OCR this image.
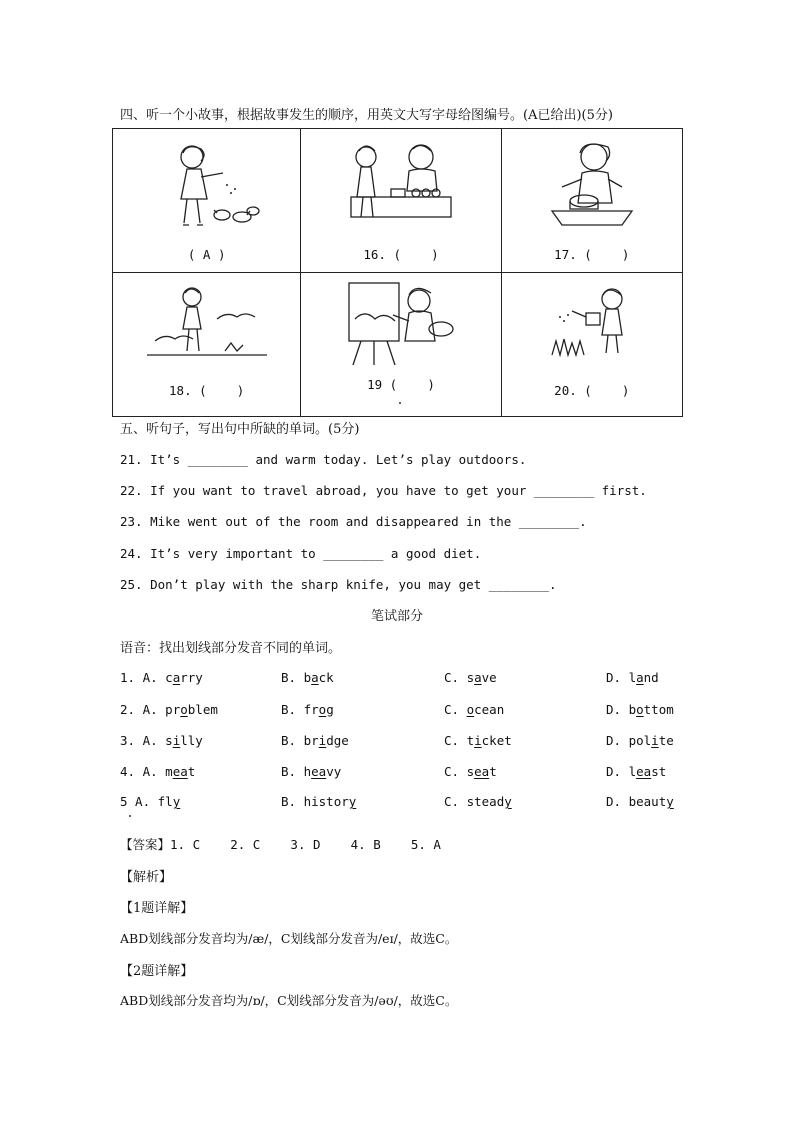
四、听一个小故事，根据故事发生的顺序，用英文大写字母给图编号。(A已给出)(5分)
( A )	16. (    )	17. (    )

18. (    )	19 (    )	20. (    )
五、听句子，写出句中所缺的单词。(5分)
21. It’s ________ and warm today. Let’s play outdoors.
22. If you want to travel abroad, you have to get your ________ first.
23. Mike went out of the room and disappeared in the ________.
24. It’s very important to ________ a good diet.
25. Don’t play with the sharp knife, you may get ________.
笔试部分
语音：找出划线部分发音不同的单词。
1. A. carry	B. back	C. save	D. land
2. A. problem	B. frog	C. ocean	D. bottom
3. A. silly	B. bridge	C. ticket	D. polite
4. A. meat	B. heavy	C. seat	D. least
5 A. fly	B. history	C. steady	D. beauty
【答案】1. C    2. C    3. D    4. B    5. A
【解析】
【1题详解】
ABD划线部分发音均为/æ/，C划线部分发音为/eɪ/，故选C。
【2题详解】
ABD划线部分发音均为/ɒ/，C划线部分发音为/əʊ/，故选C。
